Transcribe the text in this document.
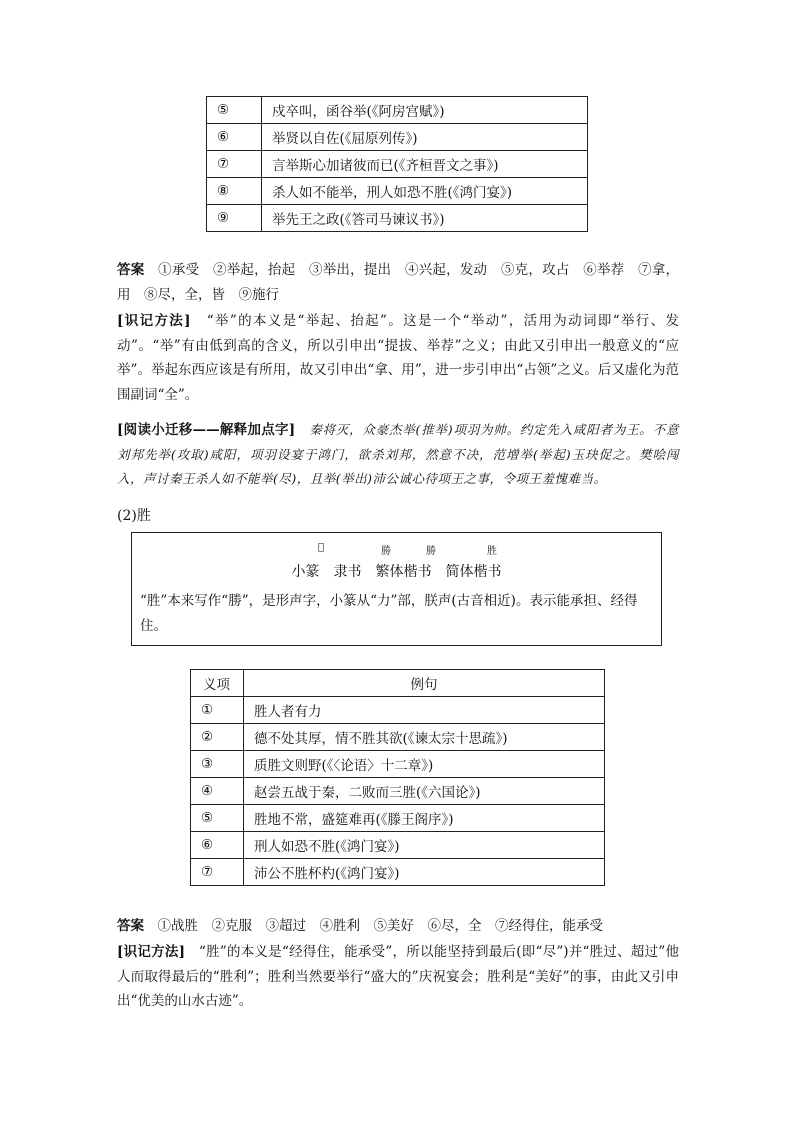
⑤	戍卒叫，函谷举(《阿房宫赋》)
⑥	举贤以自佐(《屈原列传》)
⑦	言举斯心加诸彼而已(《齐桓晋文之事》)
⑧	杀人如不能举，刑人如恐不胜(《鸿门宴》)
⑨	举先王之政(《答司马谏议书》)
答案　 ①承受　②举起，抬起　③举出，提出　④兴起，发动　⑤克，攻占　⑥举荐　⑦拿，用　⑧尽，全，皆　⑨施行
[识记方法]　 “举”的本义是“举起、抬起”。这是一个“举动”，活用为动词即“举行、发动”。“举”有由低到高的含义，所以引申出“提拔、举荐”之义；由此又引申出一般意义的“应举”。举起东西应该是有所用，故又引申出“拿、用”，进一步引申出“占领”之义。后又虚化为范围副词“全”。
[阅读小迁移——解释加点字]　 秦将灭，众豪杰举(推举)项羽为帅。约定先入咸阳者为王。不意刘邦先举(攻取)咸阳，项羽设宴于鸿门，欲杀刘邦，然意不决，范增举(举起)玉玦促之。樊哙闯入，声讨秦王杀人如不能举(尽)，且举(举出)沛公诚心待项王之事，令项王羞愧难当。
(2)胜
𪴽	勝	勝	胜
小篆 隶书 繁体楷书 简体楷书
“胜”本来写作“勝”，是形声字，小篆从“力”部，朕声(古音相近)。表示能承担、经得住。
义项	例句
①	胜人者有力
②	德不处其厚，情不胜其欲(《谏太宗十思疏》)
③	质胜文则野(《〈论语〉十二章》)
④	赵尝五战于秦，二败而三胜(《六国论》)
⑤	胜地不常，盛筵难再(《滕王阁序》)
⑥	刑人如恐不胜(《鸿门宴》)
⑦	沛公不胜杯杓(《鸿门宴》)
答案　 ①战胜　②克服　③超过　④胜利　⑤美好　⑥尽，全　⑦经得住，能承受
[识记方法]　 “胜”的本义是“经得住，能承受”，所以能坚持到最后(即“尽”)并“胜过、超过”他人而取得最后的“胜利”；胜利当然要举行“盛大的”庆祝宴会；胜利是“美好”的事，由此又引申出“优美的山水古迹”。
